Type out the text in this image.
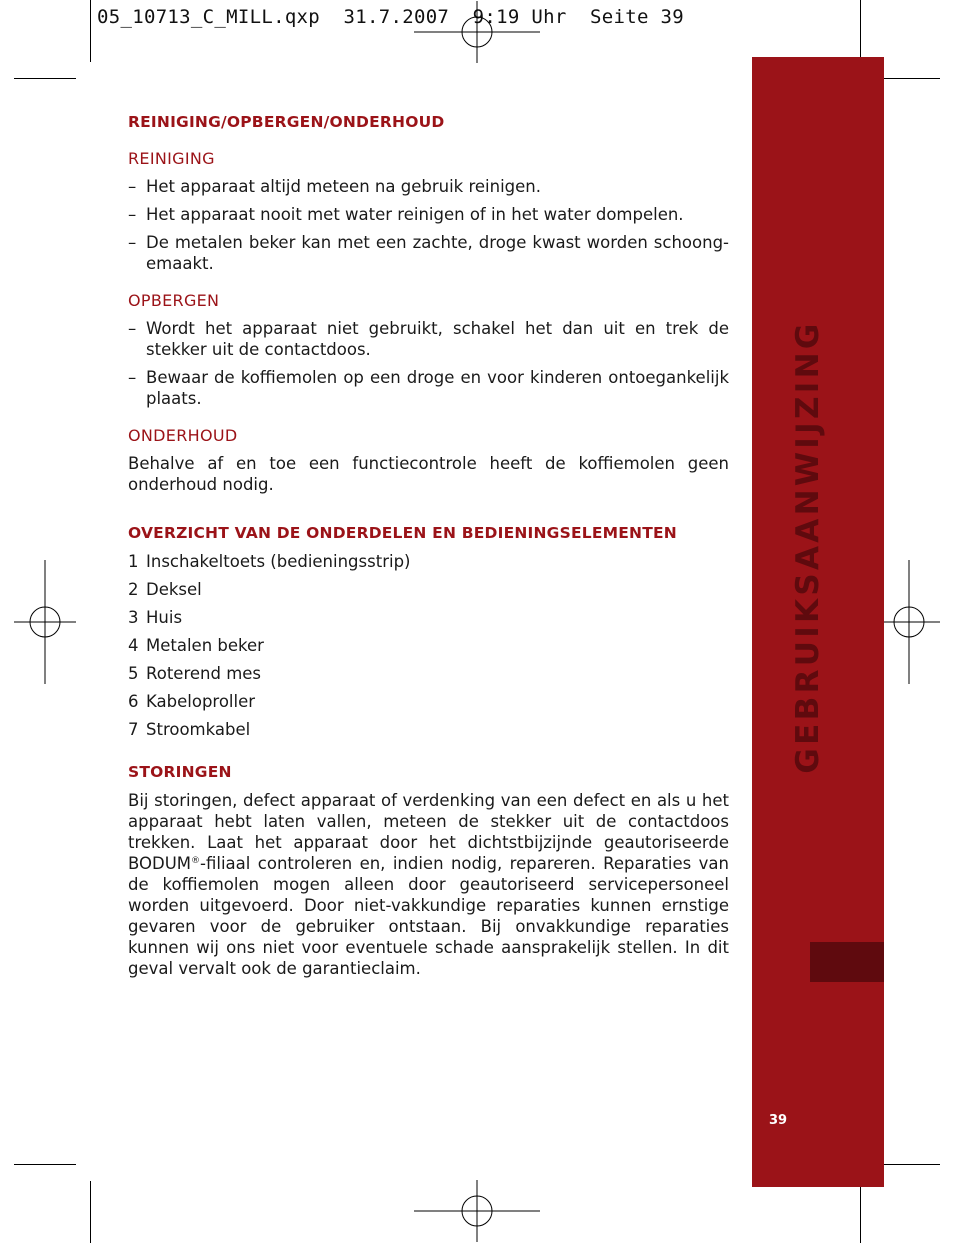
05_10713_C_MILL.qxp  31.7.2007  9:19 Uhr  Seite 39
GEBRUIKSAANWIJZING
39
REINIGING/OPBERGEN/ONDERHOUD
REINIGING
– Het apparaat altijd meteen na gebruik reinigen.
– Het apparaat nooit met water reinigen of in het water dompelen.
– De metalen beker kan met een zachte, droge kwast worden schoong-emaakt.
OPBERGEN
– Wordt het apparaat niet gebruikt, schakel het dan uit en trek de stekker uit de contactdoos.
– Bewaar de koffiemolen op een droge en voor kinderen ontoegankelijk plaats.
ONDERHOUD

Behalve af en toe een functiecontrole heeft de koffiemolen geen onderhoud nodig.

OVERZICHT VAN DE ONDERDELEN EN BEDIENINGSELEMENTEN
1 Inschakeltoets (bedieningsstrip)
2 Deksel
3 Huis
4 Metalen beker
5 Roterend mes
6 Kabeloproller
7 Stroomkabel
STORINGEN

Bij storingen, defect apparaat of verdenking van een defect en als u het apparaat hebt laten vallen, meteen de stekker uit de contactdoos trekken. Laat het apparaat door het dichtstbijzijnde geautoriseerde BODUM®-filiaal controleren en, indien nodig, repareren. Reparaties van de koffiemolen mogen alleen door geautoriseerd servicepersoneel worden uitgevoerd. Door niet-vakkundige reparaties kunnen ernstige gevaren voor de gebruiker ontstaan. Bij onvakkundige reparaties kunnen wij ons niet voor eventuele schade aansprakelijk stellen. In dit geval vervalt ook de garantieclaim.
